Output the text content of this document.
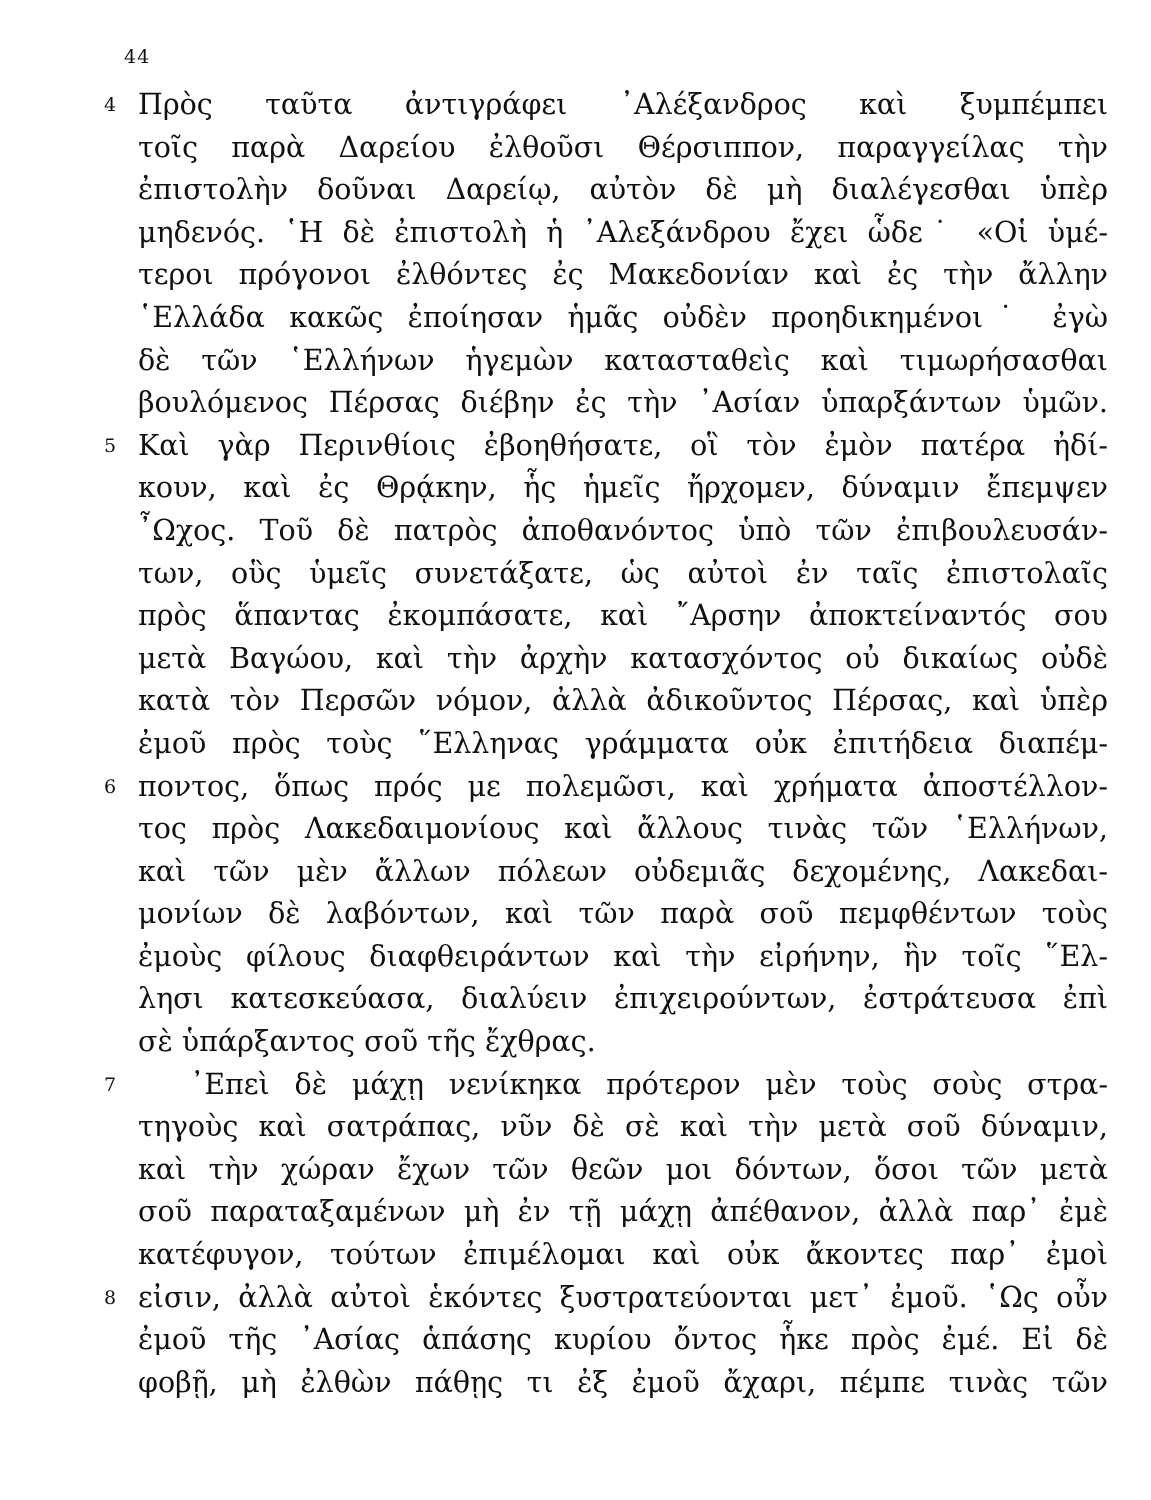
44
4 Πρὸς ταῦτα ἀντιγράφει ᾿Αλέξανδρος καὶ ξυμπέμπει
τοῖς παρὰ Δαρείου ἐλθοῦσι Θέρσιππον, παραγγείλας τὴν
ἐπιστολὴν δοῦναι Δαρείῳ, αὐτὸν δὲ μὴ διαλέγεσθαι ὑπὲρ
μηδενός. ῾Η δὲ ἐπιστολὴ ἡ ᾿Αλεξάνδρου ἔχει ὧδε˙ «Οἱ ὑμέ-
τεροι πρόγονοι ἐλθόντες ἐς Μακεδονίαν καὶ ἐς τὴν ἄλλην
῾Ελλάδα κακῶς ἐποίησαν ἡμᾶς οὐδὲν προηδικημένοι˙ ἐγὼ
δὲ τῶν ῾Ελλήνων ἡγεμὼν κατασταθεὶς καὶ τιμωρήσασθαι
βουλόμενος Πέρσας διέβην ἐς τὴν ᾿Ασίαν ὑπαρξάντων ὑμῶν.
5 Καὶ γὰρ Περινθίοις ἐβοηθήσατε, οἳ τὸν ἐμὸν πατέρα ἠδί-
κουν, καὶ ἐς Θρᾴκην, ἧς ἡμεῖς ἤρχομεν, δύναμιν ἔπεμψεν
῏Ωχος. Τοῦ δὲ πατρὸς ἀποθανόντος ὑπὸ τῶν ἐπιβουλευσάν-
των, οὓς ὑμεῖς συνετάξατε, ὡς αὐτοὶ ἐν ταῖς ἐπιστολαῖς
πρὸς ἅπαντας ἐκομπάσατε, καὶ ῎Αρσην ἀποκτείναντός σου
μετὰ Βαγώου, καὶ τὴν ἀρχὴν κατασχόντος οὐ δικαίως οὐδὲ
κατὰ τὸν Περσῶν νόμον, ἀλλὰ ἀδικοῦντος Πέρσας, καὶ ὑπὲρ
ἐμοῦ πρὸς τοὺς ῞Ελληνας γράμματα οὐκ ἐπιτήδεια διαπέμ-
6 ποντος, ὅπως πρός με πολεμῶσι, καὶ χρήματα ἀποστέλλον-
τος πρὸς Λακεδαιμονίους καὶ ἄλλους τινὰς τῶν ῾Ελλήνων,
καὶ τῶν μὲν ἄλλων πόλεων οὐδεμιᾶς δεχομένης, Λακεδαι-
μονίων δὲ λαβόντων, καὶ τῶν παρὰ σοῦ πεμφθέντων τοὺς
ἐμοὺς φίλους διαφθειράντων καὶ τὴν εἰρήνην, ἣν τοῖς ῞Ελ-
λησι κατεσκεύασα, διαλύειν ἐπιχειρούντων, ἐστράτευσα ἐπὶ
σὲ ὑπάρξαντος σοῦ τῆς ἔχθρας.
7	᾿Επεὶ δὲ μάχῃ νενίκηκα πρότερον μὲν τοὺς σοὺς στρα-
τηγοὺς καὶ σατράπας, νῦν δὲ σὲ καὶ τὴν μετὰ σοῦ δύναμιν,
καὶ τὴν χώραν ἔχων τῶν θεῶν μοι δόντων, ὅσοι τῶν μετὰ
σοῦ παραταξαμένων μὴ ἐν τῇ μάχῃ ἀπέθανον, ἀλλὰ παρ᾿ ἐμὲ
κατέφυγον, τούτων ἐπιμέλομαι καὶ οὐκ ἄκοντες παρ᾿ ἐμοὶ
8 εἰσιν, ἀλλὰ αὐτοὶ ἑκόντες ξυστρατεύονται μετ᾿ ἐμοῦ. ῾Ως οὖν
ἐμοῦ τῆς ᾿Ασίας ἁπάσης κυρίου ὄντος ἧκε πρὸς ἐμέ. Εἰ δὲ
φοβῇ, μὴ ἐλθὼν πάθῃς τι ἐξ ἐμοῦ ἄχαρι, πέμπε τινὰς τῶν
